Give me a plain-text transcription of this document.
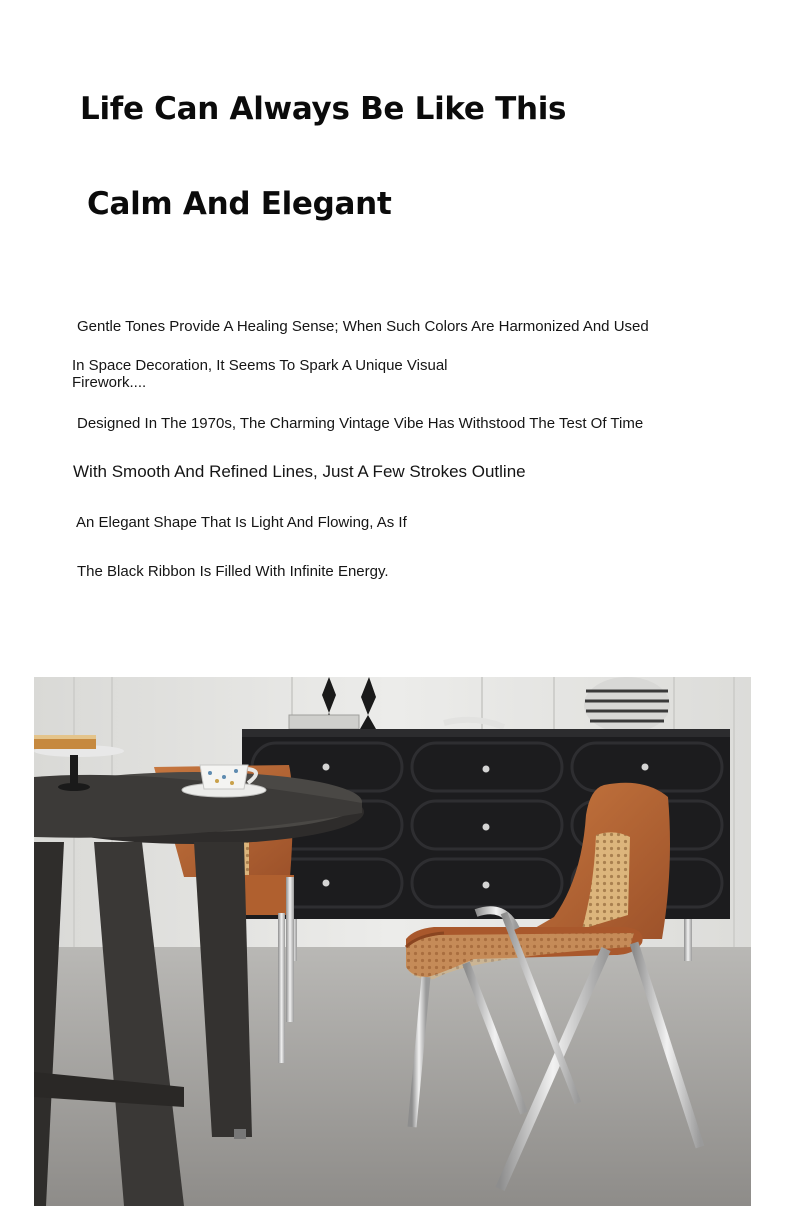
Life Can Always Be Like This
Calm And Elegant

Gentle Tones Provide A Healing Sense; When Such Colors Are Harmonized And Used

In Space Decoration, It Seems To Spark A Unique Visual

Firework....

Designed In The 1970s, The Charming Vintage Vibe Has Withstood The Test Of Time

With Smooth And Refined Lines, Just A Few Strokes Outline

An Elegant Shape That Is Light And Flowing, As If

The Black Ribbon Is Filled With Infinite Energy.
